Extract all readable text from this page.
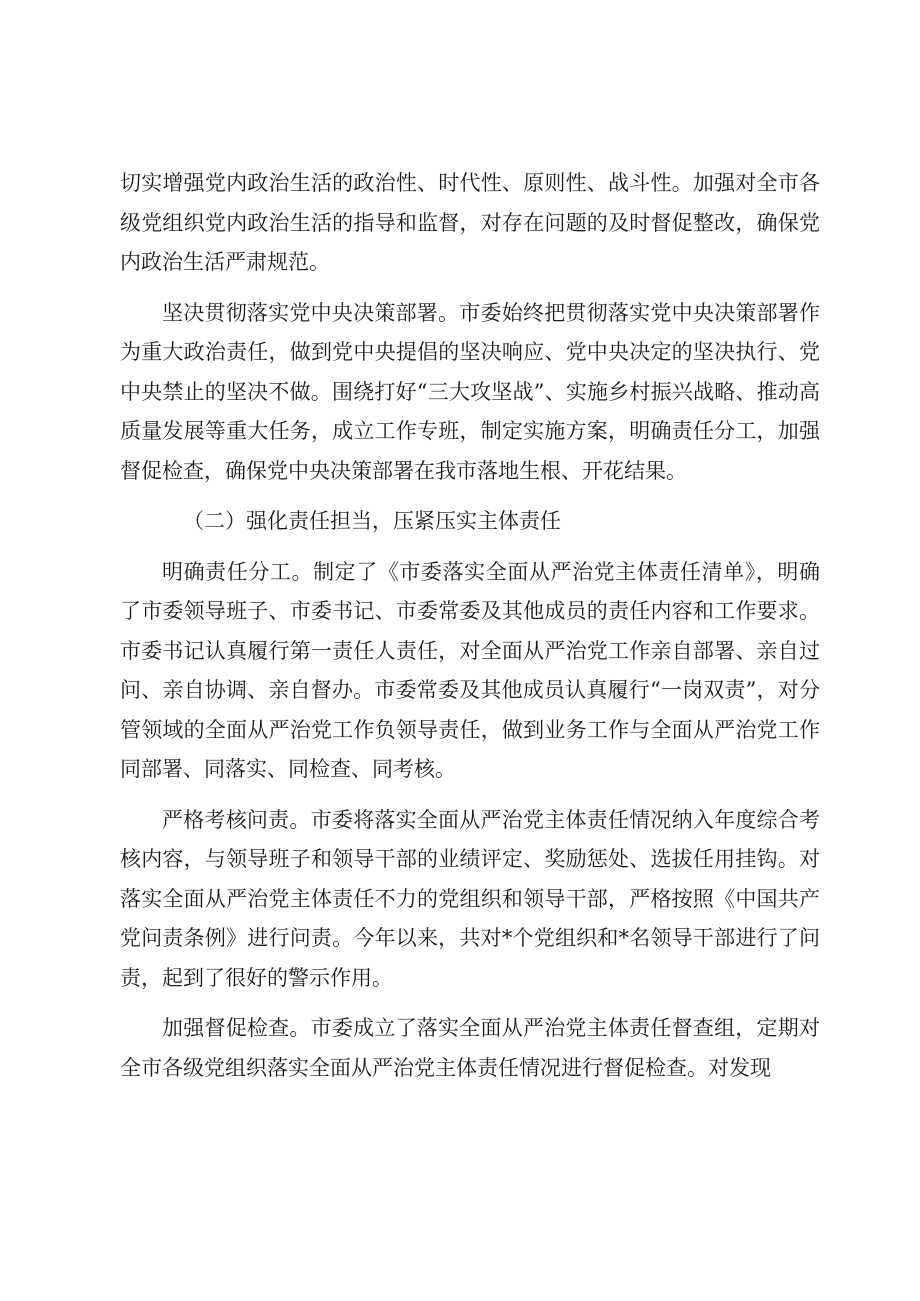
切实增强党内政治生活的政治性、时代性、原则性、战斗性。加强对全市各级党组织党内政治生活的指导和监督，对存在问题的及时督促整改，确保党内政治生活严肃规范。

坚决贯彻落实党中央决策部署。市委始终把贯彻落实党中央决策部署作为重大政治责任，做到党中央提倡的坚决响应、党中央决定的坚决执行、党中央禁止的坚决不做。围绕打好“三大攻坚战”、实施乡村振兴战略、推动高质量发展等重大任务，成立工作专班，制定实施方案，明确责任分工，加强督促检查，确保党中央决策部署在我市落地生根、开花结果。

（二）强化责任担当，压紧压实主体责任

明确责任分工。制定了《市委落实全面从严治党主体责任清单》，明确了市委领导班子、市委书记、市委常委及其他成员的责任内容和工作要求。市委书记认真履行第一责任人责任，对全面从严治党工作亲自部署、亲自过问、亲自协调、亲自督办。市委常委及其他成员认真履行“一岗双责”，对分管领域的全面从严治党工作负领导责任，做到业务工作与全面从严治党工作同部署、同落实、同检查、同考核。

严格考核问责。市委将落实全面从严治党主体责任情况纳入年度综合考核内容，与领导班子和领导干部的业绩评定、奖励惩处、选拔任用挂钩。对落实全面从严治党主体责任不力的党组织和领导干部，严格按照《中国共产党问责条例》进行问责。今年以来，共对*个党组织和*名领导干部进行了问责，起到了很好的警示作用。

加强督促检查。市委成立了落实全面从严治党主体责任督查组，定期对全市各级党组织落实全面从严治党主体责任情况进行督促检查。对发现
